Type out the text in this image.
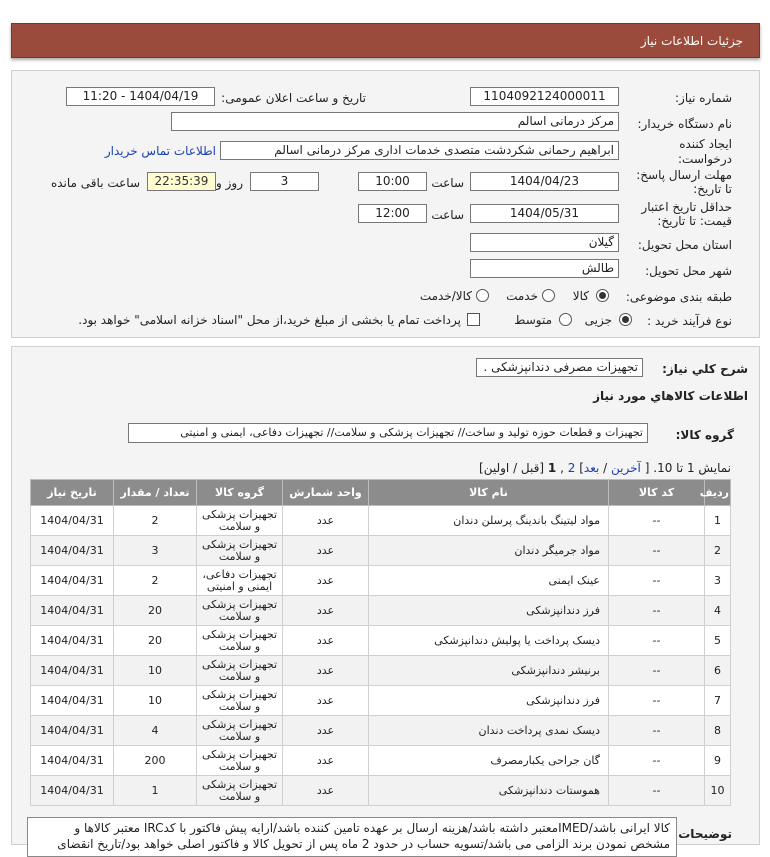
جزئیات اطلاعات نیاز
شماره نیاز:
1104092124000011
تاریخ و ساعت اعلان عمومی:
1404/04/19 - 11:20
نام دستگاه خریدار:
مرکز درمانی اسالم
ایجاد کننده
درخواست:
ابراهیم رحمانی شکردشت متصدی خدمات اداری مرکز درمانی اسالم
اطلاعات تماس خریدار
مهلت ارسال پاسخ:
تا تاریخ:
1404/04/23
ساعت
10:00
3
روز و
22:35:39
ساعت باقی مانده
حداقل تاریخ اعتبار
قیمت: تا تاریخ:
1404/05/31
ساعت
12:00
استان محل تحویل:
گیلان
شهر محل تحویل:
طالش
طبقه بندی موضوعی:
کالا
خدمت
کالا/خدمت
نوع فرآیند خرید :
جزیی
متوسط
پرداخت تمام یا بخشی از مبلغ خرید،از محل "اسناد خزانه اسلامی" خواهد بود.
شرح کلي نياز:
تجهیزات مصرفی دندانپزشکی .
اطلاعات کالاهاي مورد نياز
گروه کالا:
تجهیزات و قطعات حوزه تولید و ساخت// تجهیزات پزشکی و سلامت// تجهیزات دفاعی، ایمنی و امنیتی
نمایش 1 تا 10. [ آخرین / بعد] 2 , 1 [قبل / اولین]
ردیف	کد کالا	نام کالا	واحد شمارش	گروه کالا	تعداد / مقدار	تاریخ نیاز
1	--	مواد لیتینگ باندینگ پرسلن دندان	عدد	تجهیزات پزشکی و سلامت	2	1404/04/31
2	--	مواد جرمیگر دندان	عدد	تجهیزات پزشکی و سلامت	3	1404/04/31
3	--	عینک ایمنی	عدد	تجهیزات دفاعی، ایمنی و امنیتی	2	1404/04/31
4	--	فرز دندانپزشکی	عدد	تجهیزات پزشکی و سلامت	20	1404/04/31
5	--	دیسک پرداخت یا پولیش دندانپزشکی	عدد	تجهیزات پزشکی و سلامت	20	1404/04/31
6	--	برنیشر دندانپزشکی	عدد	تجهیزات پزشکی و سلامت	10	1404/04/31
7	--	فرز دندانپزشکی	عدد	تجهیزات پزشکی و سلامت	10	1404/04/31
8	--	دیسک نمدی پرداخت دندان	عدد	تجهیزات پزشکی و سلامت	4	1404/04/31
9	--	گان جراحی یکبارمصرف	عدد	تجهیزات پزشکی و سلامت	200	1404/04/31
10	--	هموستات دندانپزشکی	عدد	تجهیزات پزشکی و سلامت	1	1404/04/31
توضیحات
کالا ایرانی باشد/IMEDمعتبر داشته باشد/هزینه ارسال بر عهده تامین کننده باشد/ارایه پیش فاکتور با کدIRC معتبر کالاها و مشخص نمودن برند الزامی می باشد/تسویه حساب در حدود 2 ماه پس از تحویل کالا و فاکتور اصلی خواهد بود/تاریخ انقضای
